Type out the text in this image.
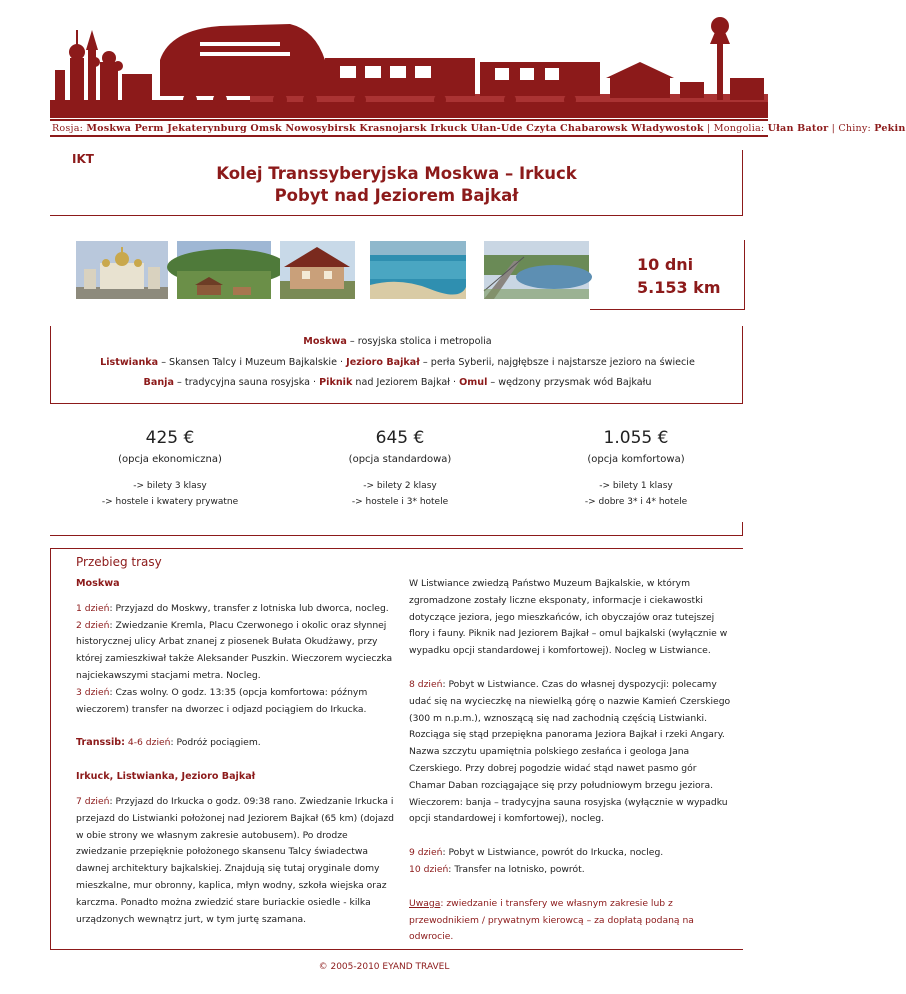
Rosja: Moskwa Perm Jekaterynburg Omsk Nowosybirsk Krasnojarsk Irkuck Ułan-Ude Czyta Chabarowsk Władywostok | Mongolia: Ułan Bator | Chiny: Pekin
IKT
Kolej Transsyberyjska Moskwa – Irkuck
Pobyt nad Jeziorem Bajkał
10 dni
5.153 km
Moskwa – rosyjska stolica i metropolia
Listwianka – Skansen Talcy i Muzeum Bajkalskie · Jezioro Bajkał – perła Syberii, najgłębsze i najstarsze jezioro na świecie
Banja – tradycyjna sauna rosyjska · Piknik nad Jeziorem Bajkał · Omul – wędzony przysmak wód Bajkału
425 €
(opcja ekonomiczna)
-> bilety 3 klasy
-> hostele i kwatery prywatne
645 €
(opcja standardowa)
-> bilety 2 klasy
-> hostele i 3* hotele
1.055 €
(opcja komfortowa)
-> bilety 1 klasy
-> dobre 3* i 4* hotele
Przebieg trasy
Moskwa
1 dzień: Przyjazd do Moskwy, transfer z lotniska lub dworca, nocleg.
2 dzień: Zwiedzanie Kremla, Placu Czerwonego i okolic oraz słynnej historycznej ulicy Arbat znanej z piosenek Bułata Okudżawy, przy której zamieszkiwał także Aleksander Puszkin. Wieczorem wycieczka najciekawszymi stacjami metra. Nocleg.
3 dzień: Czas wolny. O godz. 13:35 (opcja komfortowa: późnym wieczorem) transfer na dworzec i odjazd pociągiem do Irkucka.
Transsib: 4-6 dzień: Podróż pociągiem.
Irkuck, Listwianka, Jezioro Bajkał
7 dzień: Przyjazd do Irkucka o godz. 09:38 rano. Zwiedzanie Irkucka i przejazd do Listwianki położonej nad Jeziorem Bajkał (65 km) (dojazd w obie strony we własnym zakresie autobusem). Po drodze zwiedzanie przepięknie położonego skansenu Talcy świadectwa dawnej architektury bajkalskiej. Znajdują się tutaj oryginale domy mieszkalne, mur obronny, kaplica, młyn wodny, szkoła wiejska oraz karczma. Ponadto można zwiedzić stare buriackie osiedle - kilka urządzonych wewnątrz jurt, w tym jurtę szamana.
W Listwiance zwiedzą Państwo Muzeum Bajkalskie, w którym zgromadzone zostały liczne eksponaty, informacje i ciekawostki dotyczące jeziora, jego mieszkańców, ich obyczajów oraz tutejszej flory i fauny. Piknik nad Jeziorem Bajkał – omul bajkalski (wyłącznie w wypadku opcji standardowej i komfortowej). Nocleg w Listwiance.
8 dzień: Pobyt w Listwiance. Czas do własnej dyspozycji: polecamy udać się na wycieczkę na niewielką górę o nazwie Kamień Czerskiego (300 m n.p.m.), wznoszącą się nad zachodnią częścią Listwianki. Rozciąga się stąd przepiękna panorama Jeziora Bajkał i rzeki Angary. Nazwa szczytu upamiętnia polskiego zesłańca i geologa Jana Czerskiego. Przy dobrej pogodzie widać stąd nawet pasmo gór Chamar Daban rozciągające się przy południowym brzegu jeziora. Wieczorem: banja – tradycyjna sauna rosyjska (wyłącznie w wypadku opcji standardowej i komfortowej), nocleg.
9 dzień: Pobyt w Listwiance, powrót do Irkucka, nocleg.
10 dzień: Transfer na lotnisko, powrót.
Uwaga: zwiedzanie i transfery we własnym zakresie lub z przewodnikiem / prywatnym kierowcą – za dopłatą podaną na odwrocie.
© 2005-2010 EYAND TRAVEL
